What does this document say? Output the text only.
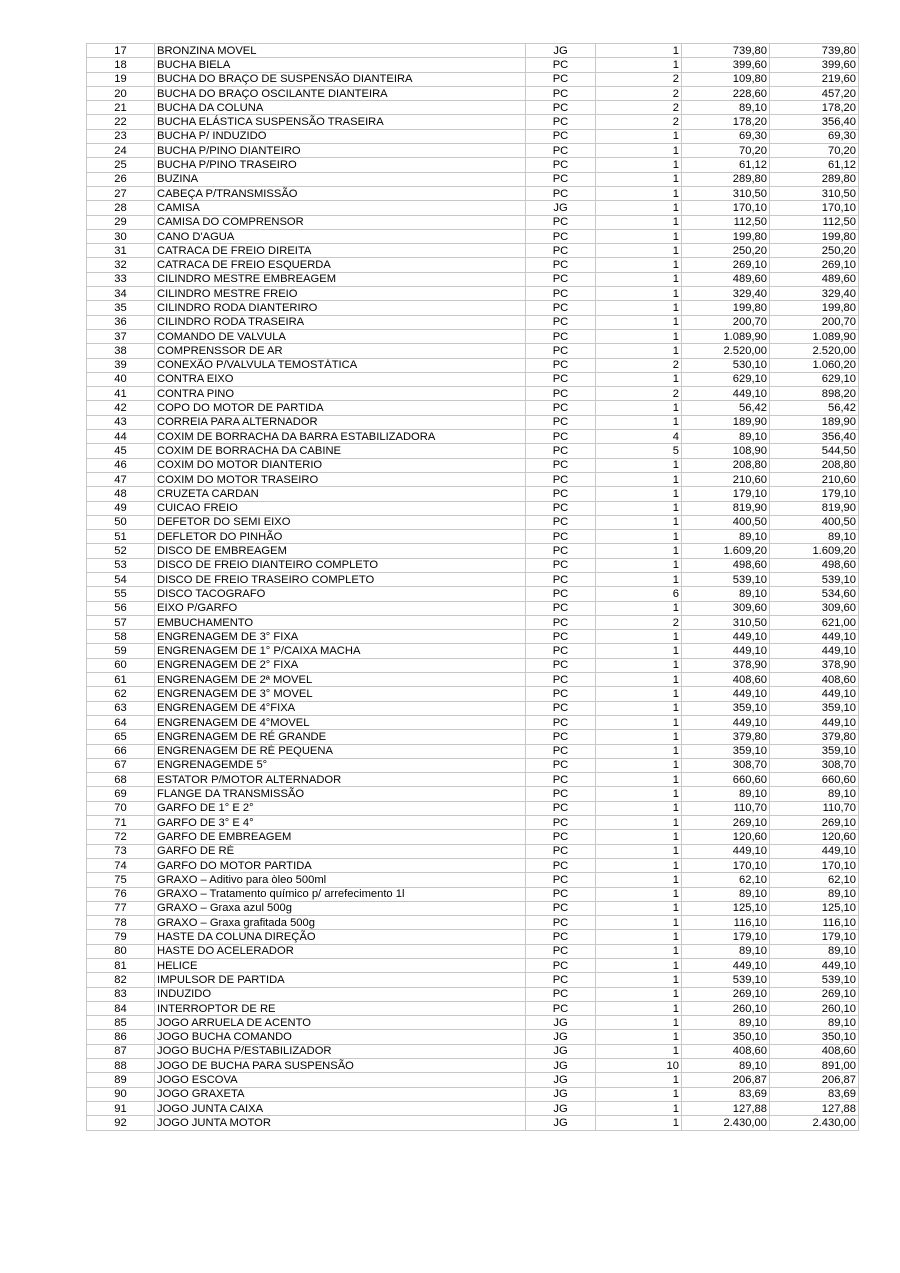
17	BRONZINA MOVEL	JG	1	739,80	739,80
18	BUCHA BIELA	PC	1	399,60	399,60
19	BUCHA DO BRAÇO DE SUSPENSÃO DIANTEIRA	PC	2	109,80	219,60
20	BUCHA DO BRAÇO OSCILANTE DIANTEIRA	PC	2	228,60	457,20
21	BUCHA DA COLUNA	PC	2	89,10	178,20
22	BUCHA ELÁSTICA SUSPENSÃO TRASEIRA	PC	2	178,20	356,40
23	BUCHA P/ INDUZIDO	PC	1	69,30	69,30
24	BUCHA P/PINO DIANTEIRO	PC	1	70,20	70,20
25	BUCHA P/PINO TRASEIRO	PC	1	61,12	61,12
26	BUZINA	PC	1	289,80	289,80
27	CABEÇA P/TRANSMISSÃO	PC	1	310,50	310,50
28	CAMISA	JG	1	170,10	170,10
29	CAMISA DO COMPRENSOR	PC	1	112,50	112,50
30	CANO D'AGUA	PC	1	199,80	199,80
31	CATRACA DE FREIO DIREITA	PC	1	250,20	250,20
32	CATRACA DE FREIO ESQUERDA	PC	1	269,10	269,10
33	CILINDRO MESTRE EMBREAGEM	PC	1	489,60	489,60
34	CILINDRO MESTRE FREIO	PC	1	329,40	329,40
35	CILINDRO RODA DIANTERIRO	PC	1	199,80	199,80
36	CILINDRO RODA TRASEIRA	PC	1	200,70	200,70
37	COMANDO DE VALVULA	PC	1	1.089,90	1.089,90
38	COMPRENSSOR DE AR	PC	1	2.520,00	2.520,00
39	CONEXÃO P/VALVULA TEMOSTÁTICA	PC	2	530,10	1.060,20
40	CONTRA EIXO	PC	1	629,10	629,10
41	CONTRA PINO	PC	2	449,10	898,20
42	COPO DO MOTOR DE PARTIDA	PC	1	56,42	56,42
43	CORREIA PARA ALTERNADOR	PC	1	189,90	189,90
44	COXIM DE BORRACHA DA BARRA ESTABILIZADORA	PC	4	89,10	356,40
45	COXIM DE BORRACHA DA CABINE	PC	5	108,90	544,50
46	COXIM DO MOTOR DIANTERIO	PC	1	208,80	208,80
47	COXIM DO MOTOR TRASEIRO	PC	1	210,60	210,60
48	CRUZETA CARDAN	PC	1	179,10	179,10
49	CUICAO FREIO	PC	1	819,90	819,90
50	DEFETOR DO SEMI EIXO	PC	1	400,50	400,50
51	DEFLETOR DO PINHÃO	PC	1	89,10	89,10
52	DISCO DE EMBREAGEM	PC	1	1.609,20	1.609,20
53	DISCO DE FREIO DIANTEIRO COMPLETO	PC	1	498,60	498,60
54	DISCO DE FREIO TRASEIRO COMPLETO	PC	1	539,10	539,10
55	DISCO TACOGRAFO	PC	6	89,10	534,60
56	EIXO P/GARFO	PC	1	309,60	309,60
57	EMBUCHAMENTO	PC	2	310,50	621,00
58	ENGRENAGEM DE 3° FIXA	PC	1	449,10	449,10
59	ENGRENAGEM DE 1° P/CAIXA MACHA	PC	1	449,10	449,10
60	ENGRENAGEM DE 2° FIXA	PC	1	378,90	378,90
61	ENGRENAGEM DE 2ª MOVEL	PC	1	408,60	408,60
62	ENGRENAGEM DE 3° MOVEL	PC	1	449,10	449,10
63	ENGRENAGEM DE 4°FIXA	PC	1	359,10	359,10
64	ENGRENAGEM DE 4°MOVEL	PC	1	449,10	449,10
65	ENGRENAGEM DE RÉ GRANDE	PC	1	379,80	379,80
66	ENGRENAGEM DE RÉ PEQUENA	PC	1	359,10	359,10
67	ENGRENAGEMDE 5°	PC	1	308,70	308,70
68	ESTATOR P/MOTOR ALTERNADOR	PC	1	660,60	660,60
69	FLANGE DA TRANSMISSÃO	PC	1	89,10	89,10
70	GARFO DE 1° E 2°	PC	1	110,70	110,70
71	GARFO DE 3° E 4°	PC	1	269,10	269,10
72	GARFO DE EMBREAGEM	PC	1	120,60	120,60
73	GARFO DE RÉ	PC	1	449,10	449,10
74	GARFO DO MOTOR PARTIDA	PC	1	170,10	170,10
75	GRAXO – Aditivo para òleo 500ml	PC	1	62,10	62,10
76	GRAXO – Tratamento químico p/ arrefecimento 1l	PC	1	89,10	89,10
77	GRAXO – Graxa azul 500g	PC	1	125,10	125,10
78	GRAXO – Graxa grafitada 500g	PC	1	116,10	116,10
79	HASTE DA COLUNA DIREÇÃO	PC	1	179,10	179,10
80	HASTE DO ACELERADOR	PC	1	89,10	89,10
81	HELICE	PC	1	449,10	449,10
82	IMPULSOR DE PARTIDA	PC	1	539,10	539,10
83	INDUZIDO	PC	1	269,10	269,10
84	INTERROPTOR DE RE	PC	1	260,10	260,10
85	JOGO ARRUELA DE ACENTO	JG	1	89,10	89,10
86	JOGO BUCHA COMANDO	JG	1	350,10	350,10
87	JOGO BUCHA P/ESTABILIZADOR	JG	1	408,60	408,60
88	JOGO DE BUCHA PARA SUSPENSÃO	JG	10	89,10	891,00
89	JOGO ESCOVA	JG	1	206,87	206,87
90	JOGO GRAXETA	JG	1	83,69	83,69
91	JOGO JUNTA CAIXA	JG	1	127,88	127,88
92	JOGO JUNTA MOTOR	JG	1	2.430,00	2.430,00
